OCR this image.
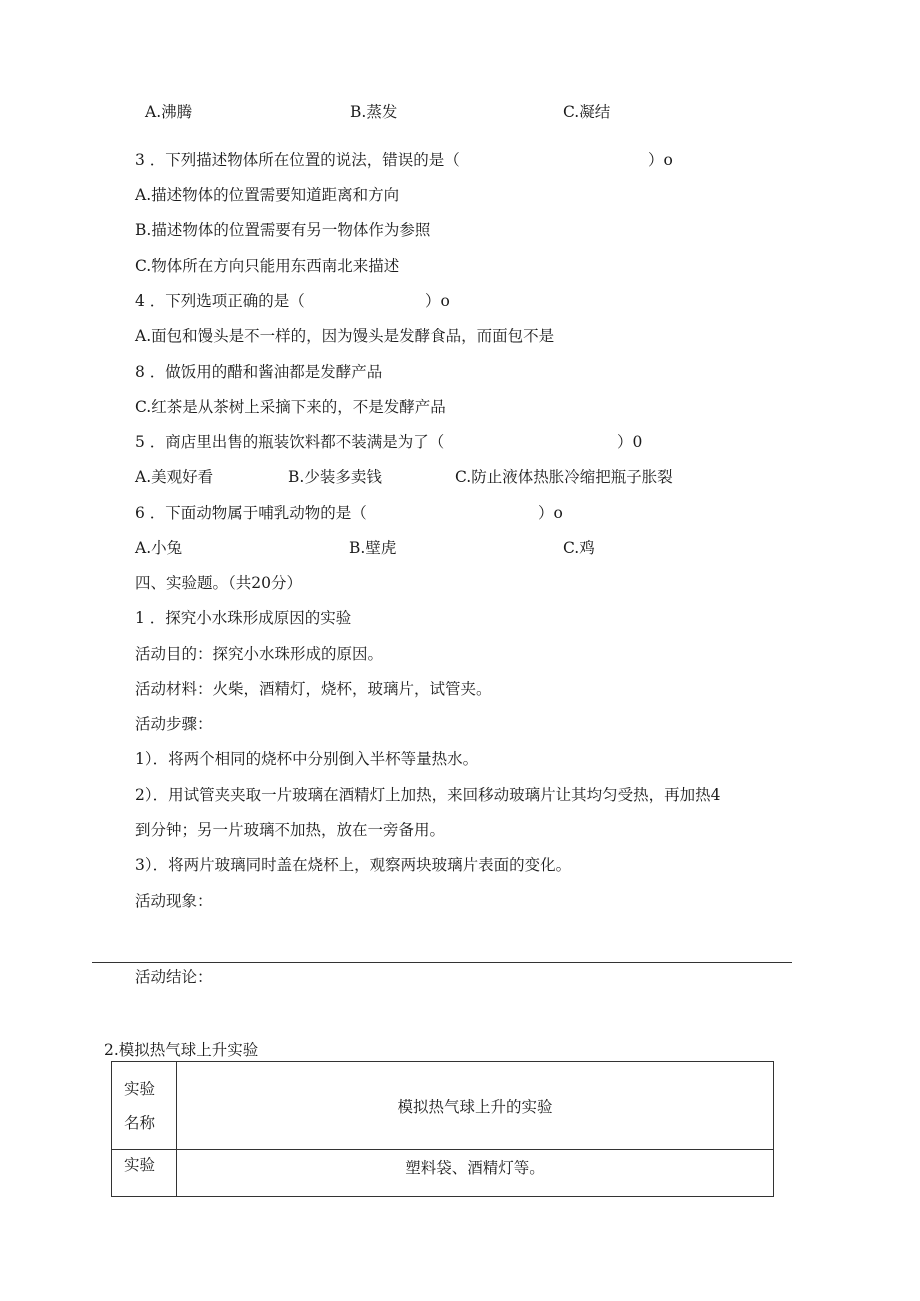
A.沸腾	B.蒸发	C.凝结
3 ．下列描述物体所在位置的说法，错误的是（	）o
A.描述物体的位置需要知道距离和方向
B.描述物体的位置需要有另一物体作为参照
C.物体所在方向只能用东西南北来描述
4 ．下列选项正确的是（	）o
A.面包和馒头是不一样的，因为馒头是发酵食品，而面包不是
8 ．做饭用的醋和酱油都是发酵产品
C.红茶是从茶树上采摘下来的，不是发酵产品
5 ．商店里出售的瓶装饮料都不装满是为了（	）0
A.美观好看	B.少装多卖钱	C.防止液体热胀冷缩把瓶子胀裂
6 ．下面动物属于哺乳动物的是（	）o
A.小兔	B.壁虎	C.鸡
四、实验题。（共20分）
1 ．探究小水珠形成原因的实验
活动目的：探究小水珠形成的原因。
活动材料：火柴，酒精灯，烧杯，玻璃片，试管夹。
活动步骤：
1）．将两个相同的烧杯中分别倒入半杯等量热水。
2）．用试管夹夹取一片玻璃在酒精灯上加热，来回移动玻璃片让其均匀受热，再加热4
到分钟；另一片玻璃不加热，放在一旁备用。
3）．将两片玻璃同时盖在烧杯上，观察两块玻璃片表面的变化。
活动现象：
活动结论：
2.模拟热气球上升实验
实验
名称	模拟热气球上升的实验

实验	塑料袋、酒精灯等。
